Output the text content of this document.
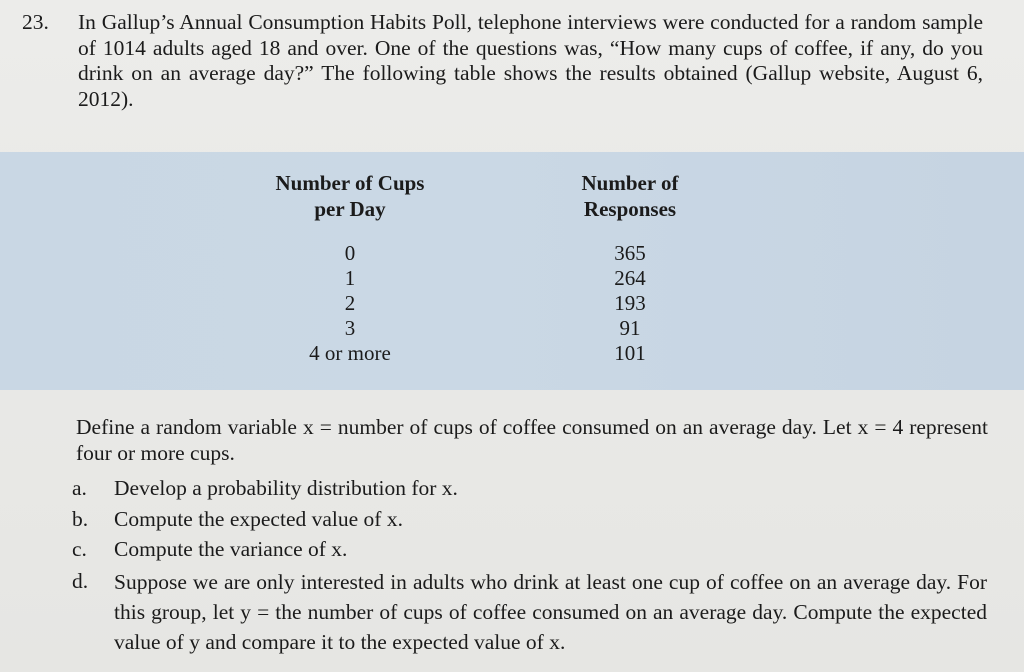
23. In Gallup’s Annual Consumption Habits Poll, telephone interviews were conducted for a random sample of 1014 adults aged 18 and over. One of the questions was, “How many cups of coffee, if any, do you drink on an average day?” The following table shows the results obtained (Gallup website, August 6, 2012).
Number of Cups
per Day
Number of
Responses
0
1
2
3
4 or more
365
264
193
91
101
Define a random variable x = number of cups of coffee consumed on an average day. Let x = 4 represent four or more cups.
a. Develop a probability distribution for x.
b. Compute the expected value of x.
c. Compute the variance of x.
d. Suppose we are only interested in adults who drink at least one cup of coffee on an average day. For this group, let y = the number of cups of coffee consumed on an average day. Compute the expected value of y and compare it to the expected value of x.
